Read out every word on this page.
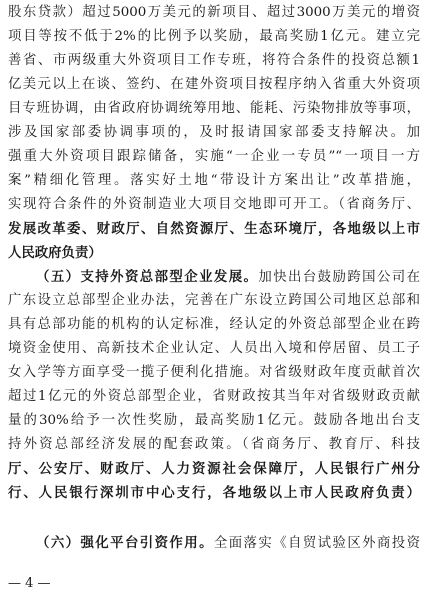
股东贷款）超过5000万美元的新项目、超过3000万美元的增资
项目等按不低于2%的比例予以奖励，最高奖励1亿元。建立完
善省、市两级重大外资项目工作专班，将符合条件的投资总额1
亿美元以上在谈、签约、在建外资项目按程序纳入省重大外资项
目专班协调，由省政府协调统筹用地、能耗、污染物排放等事项，
涉及国家部委协调事项的，及时报请国家部委支持解决。加
强重大外资项目跟踪储备，实施“一企业一专员”“一项目一方
案”精细化管理。落实好土地“带设计方案出让”改革措施，
实现符合条件的外资制造业大项目交地即可开工。（省商务厅、
发展改革委、财政厅、自然资源厅、生态环境厅，各地级以上市
人民政府负责）
（五）支持外资总部型企业发展。加快出台鼓励跨国公司在
广东设立总部型企业办法，完善在广东设立跨国公司地区总部和
具有总部功能的机构的认定标准，经认定的外资总部型企业在跨
境资金使用、高新技术企业认定、人员出入境和停居留、员工子
女入学等方面享受一揽子便利化措施。对省级财政年度贡献首次
超过1亿元的外资总部型企业，省财政按其当年对省级财政贡献
量的30%给予一次性奖励，最高奖励1亿元。鼓励各地出台支
持外资总部经济发展的配套政策。（省商务厅、教育厅、科技
厅、公安厅、财政厅、人力资源社会保障厅，人民银行广州分
行、人民银行深圳市中心支行，各地级以上市人民政府负责）
（六）强化平台引资作用。全面落实《自贸试验区外商投资
— 4 —
